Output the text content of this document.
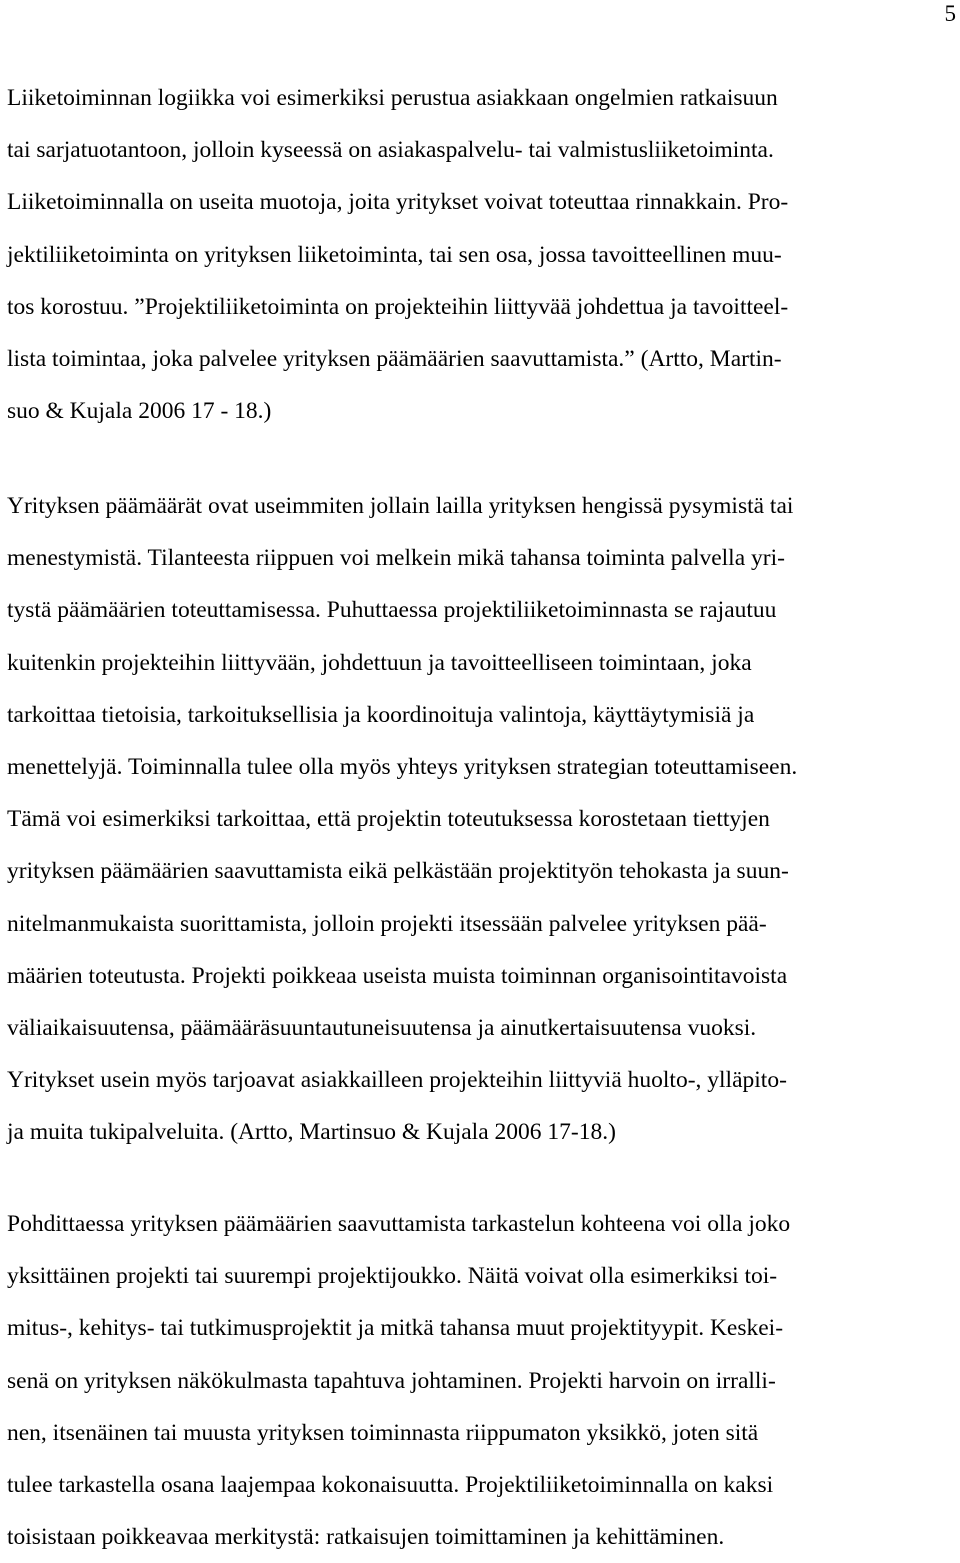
5
Liiketoiminnan logiikka voi esimerkiksi perustua asiakkaan ongelmien ratkaisuun
tai sarjatuotantoon, jolloin kyseessä on asiakaspalvelu- tai valmistusliiketoiminta.
Liiketoiminnalla on useita muotoja, joita yritykset voivat toteuttaa rinnakkain. Pro-
jektiliiketoiminta on yrityksen liiketoiminta, tai sen osa, jossa tavoitteellinen muu-
tos korostuu. ”Projektiliiketoiminta on projekteihin liittyvää johdettua ja tavoitteel-
lista toimintaa, joka palvelee yrityksen päämäärien saavuttamista.” (Artto, Martin-
suo & Kujala 2006 17 - 18.)
Yrityksen päämäärät ovat useimmiten jollain lailla yrityksen hengissä pysymistä tai
menestymistä. Tilanteesta riippuen voi melkein mikä tahansa toiminta palvella yri-
tystä päämäärien toteuttamisessa. Puhuttaessa projektiliiketoiminnasta se rajautuu
kuitenkin projekteihin liittyvään, johdettuun ja tavoitteelliseen toimintaan, joka
tarkoittaa tietoisia, tarkoituksellisia ja koordinoituja valintoja, käyttäytymisiä ja
menettelyjä. Toiminnalla tulee olla myös yhteys yrityksen strategian toteuttamiseen.
Tämä voi esimerkiksi tarkoittaa, että projektin toteutuksessa korostetaan tiettyjen
yrityksen päämäärien saavuttamista eikä pelkästään projektityön tehokasta ja suun-
nitelmanmukaista suorittamista, jolloin projekti itsessään palvelee yrityksen pää-
määrien toteutusta. Projekti poikkeaa useista muista toiminnan organisointitavoista
väliaikaisuutensa, päämääräsuuntautuneisuutensa ja ainutkertaisuutensa vuoksi.
Yritykset usein myös tarjoavat asiakkailleen projekteihin liittyviä huolto-, ylläpito-
ja muita tukipalveluita. (Artto, Martinsuo & Kujala 2006 17-18.)
Pohdittaessa yrityksen päämäärien saavuttamista tarkastelun kohteena voi olla joko
yksittäinen projekti tai suurempi projektijoukko. Näitä voivat olla esimerkiksi toi-
mitus-, kehitys- tai tutkimusprojektit ja mitkä tahansa muut projektityypit. Keskei-
senä on yrityksen näkökulmasta tapahtuva johtaminen. Projekti harvoin on irralli-
nen, itsenäinen tai muusta yrityksen toiminnasta riippumaton yksikkö, joten sitä
tulee tarkastella osana laajempaa kokonaisuutta. Projektiliiketoiminnalla on kaksi
toisistaan poikkeavaa merkitystä: ratkaisujen toimittaminen ja kehittäminen.
